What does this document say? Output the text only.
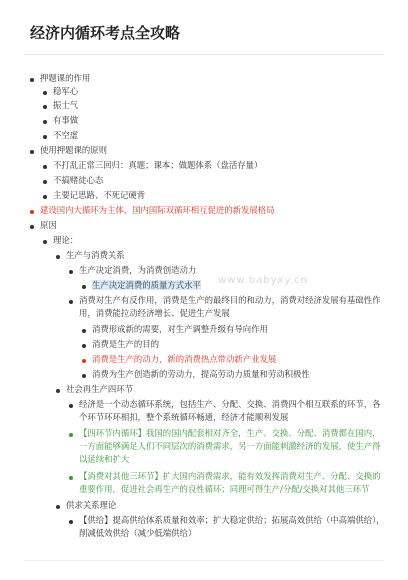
经济内循环考点全攻略
押题课的作用
稳军心
振士气
有事做
不空虚
使用押题课的原则
不打乱正常三回归：真题；课本；做题体系（盘活存量）
不搞赌徒心态
主要记思路、不死记硬背
建设国内大循环为主体，国内国际双循环相互促进的新发展格局
原因
理论：
生产与消费关系
生产决定消费，为消费创造动力
生产决定消费的质量方式水平 www.babyxy.cn
消费对生产有反作用，消费是生产的最终目的和动力，消费对经济发展有基础性作用，消费能拉动经济增长、促进生产发展
消费形成新的需要，对生产调整升级有导向作用
消费是生产的目的
消费是生产的动力，新的消费热点带动新产业发展
消费为生产创造新的劳动力，提高劳动力质量和劳动积极性
社会再生产四环节
经济是一个动态循环系统，包括生产、分配、交换、消费四个相互联系的环节，各个环节环环相扣，整个系统循环畅通，经济才能顺利发展
【四环节内循环】我国的国内配套相对齐全，生产、交换、分配、消费都在国内，一方面能够满足人们不同层次的消费需求，另一方面能刺激经济的发展，使生产得以延续和扩大
【消费对其他三环节】扩大国内消费需求，能有效发挥消费对生产、分配、交换的重要作用，促进社会再生产的良性循环；同理可得生产/分配/交换对其他三环节
供求关系理论
【供给】提高供给体系质量和效率；扩大稳定供给；拓展高效供给（中高端供给），削减低效供给（减少低端供给）
